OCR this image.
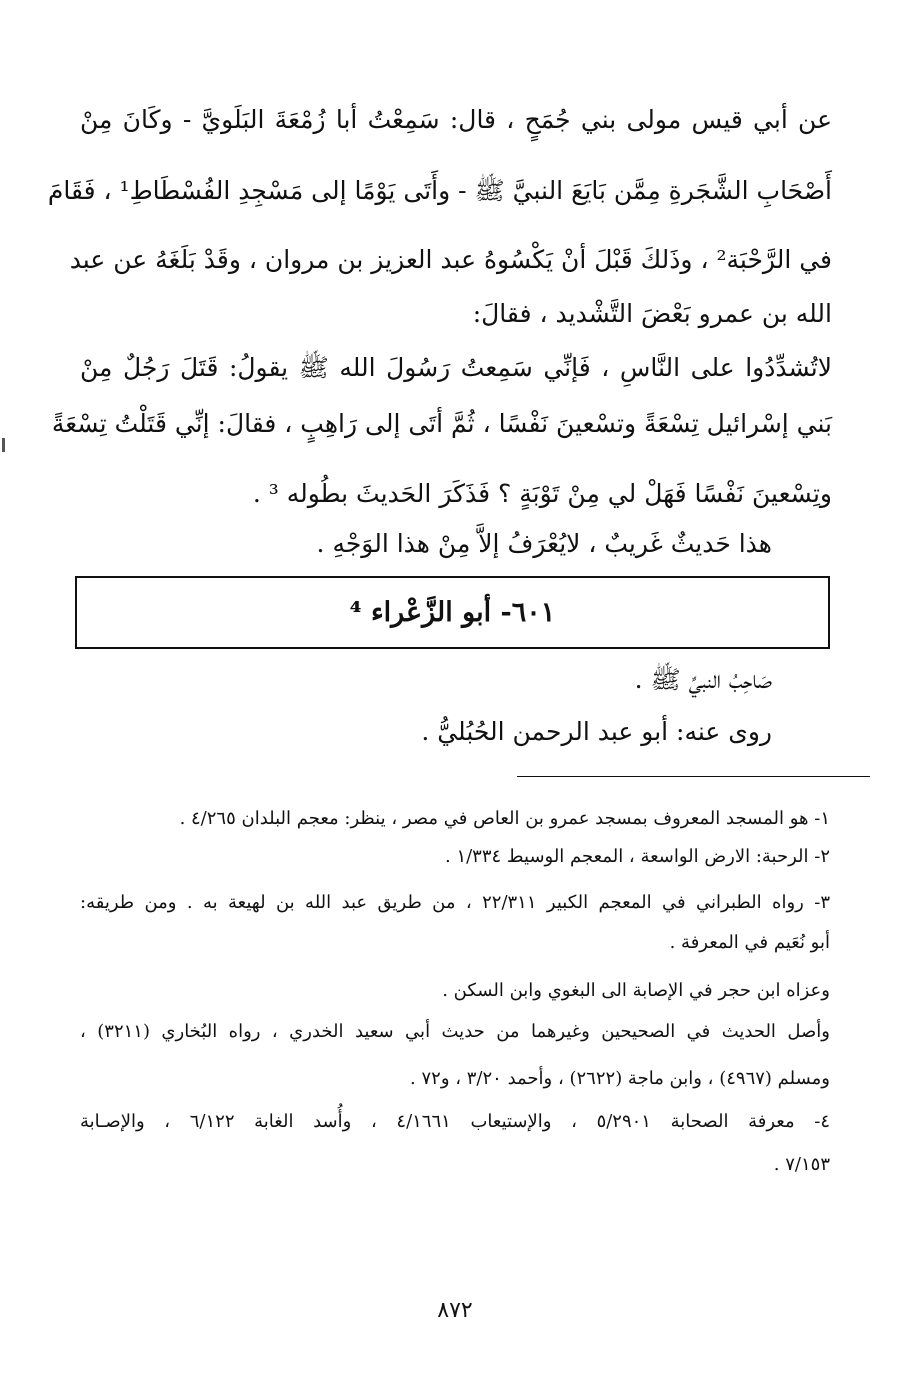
عن أبي قيس مولى بني جُمَحٍ ، قال: سَمِعْتُ أبا زُمْعَةَ البَلَويَّ - وكَانَ مِنْ
أَصْحَابِ الشَّجَرةِ مِمَّن بَايَعَ النبيَّ ﷺ - وأَتَى يَوْمًا إلى مَسْجِدِ الفُسْطَاطِ¹ ، فَقَامَ
في الرَّحْبَة² ، وذَلكَ قَبْلَ أنْ يَكْسُوهُ عبد العزيز بن مروان ، وقَدْ بَلَغَهُ عن عبد
الله بن عمرو بَعْضَ التَّشْديد ، فقالَ:
لاتُشدِّدُوا على النَّاسِ ، فَإنِّي سَمِعتُ رَسُولَ الله ﷺ يقولُ: قَتَلَ رَجُلٌ مِنْ
بَني إسْرائيل تِسْعَةً وتسْعينَ نَفْسًا ، ثُمَّ أتَى إلى رَاهِبٍ ، فقالَ: إنِّي قَتَلْتُ تِسْعَةً
وتِسْعينَ نَفْسًا فَهَلْ لي مِنْ تَوْبَةٍ ؟ فَذَكَرَ الحَديثَ بطُوله ³ .
هذا حَديثٌ غَريبٌ ، لايُعْرَفُ إلاَّ مِنْ هذا الوَجْهِ .
٦٠١- أبو الزَّعْراء ⁴
صَاحِبُ النبيِّ ﷺ .
روى عنه: أبو عبد الرحمن الحُبُليُّ .
١- هو المسجد المعروف بمسجد عمرو بن العاص في مصر ، ينظر: معجم البلدان ٤/٢٦٥ .
٢- الرحبة: الارض الواسعة ، المعجم الوسيط ١/٣٣٤ .
٣- رواه الطبراني في المعجم الكبير ٢٢/٣١١ ، من طريق عبد الله بن لهيعة به . ومن طريقه:
أبو نُعَيم في المعرفة .
وعزاه ابن حجر في الإصابة الى البغوي وابن السكن .
وأصل الحديث في الصحيحين وغيرهما من حديث أبي سعيد الخدري ، رواه البُخاري (٣٢١١) ،
ومسلم (٤٩٦٧) ، وابن ماجة (٢٦٢٢) ، وأحمد ٣/٢٠ ، و٧٢ .
٤- معرفة الصحابة ٥/٢٩٠١ ، والإستيعاب ٤/١٦٦١ ، وأُسد الغابة ٦/١٢٢ ، والإصـابة
٧/١٥٣ .
٨٧٢
